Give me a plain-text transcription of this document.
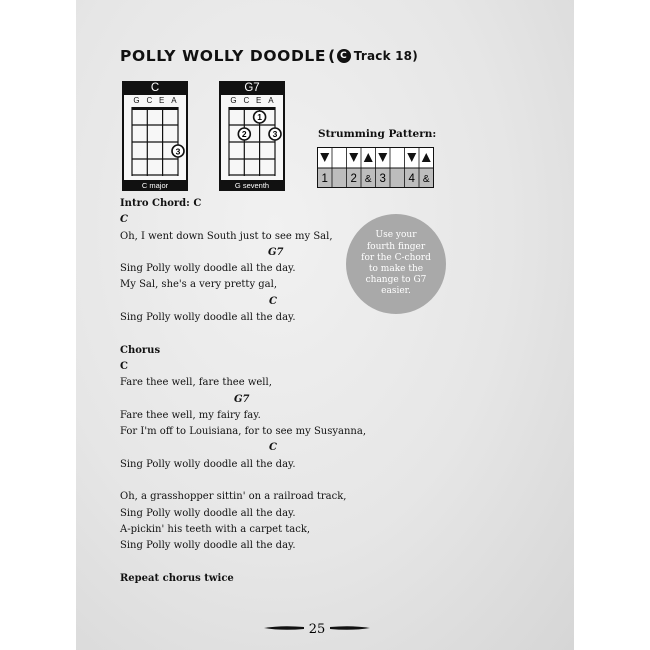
POLLY WOLLY DOODLE ( C Track 18)
C
G C E A
3
C major
G7
G C E A
1
2	3
G seventh
Strumming Pattern:
1 2 & 3 4 &
Intro Chord: C
C
Oh, I went down South just to see my Sal,
G7
Sing Polly wolly doodle all the day.
My Sal, she's a very pretty gal,
C
Sing Polly wolly doodle all the day.
Chorus
C
Fare thee well, fare thee well,
G7
Fare thee well, my fairy fay.
For I'm off to Louisiana, for to see my Susyanna,
C
Sing Polly wolly doodle all the day.
Oh, a grasshopper sittin' on a railroad track,
Sing Polly wolly doodle all the day.
A-pickin' his teeth with a carpet tack,
Sing Polly wolly doodle all the day.
Repeat chorus twice
Use your
fourth finger
for the C-chord
to make the
change to G7
easier.
25
